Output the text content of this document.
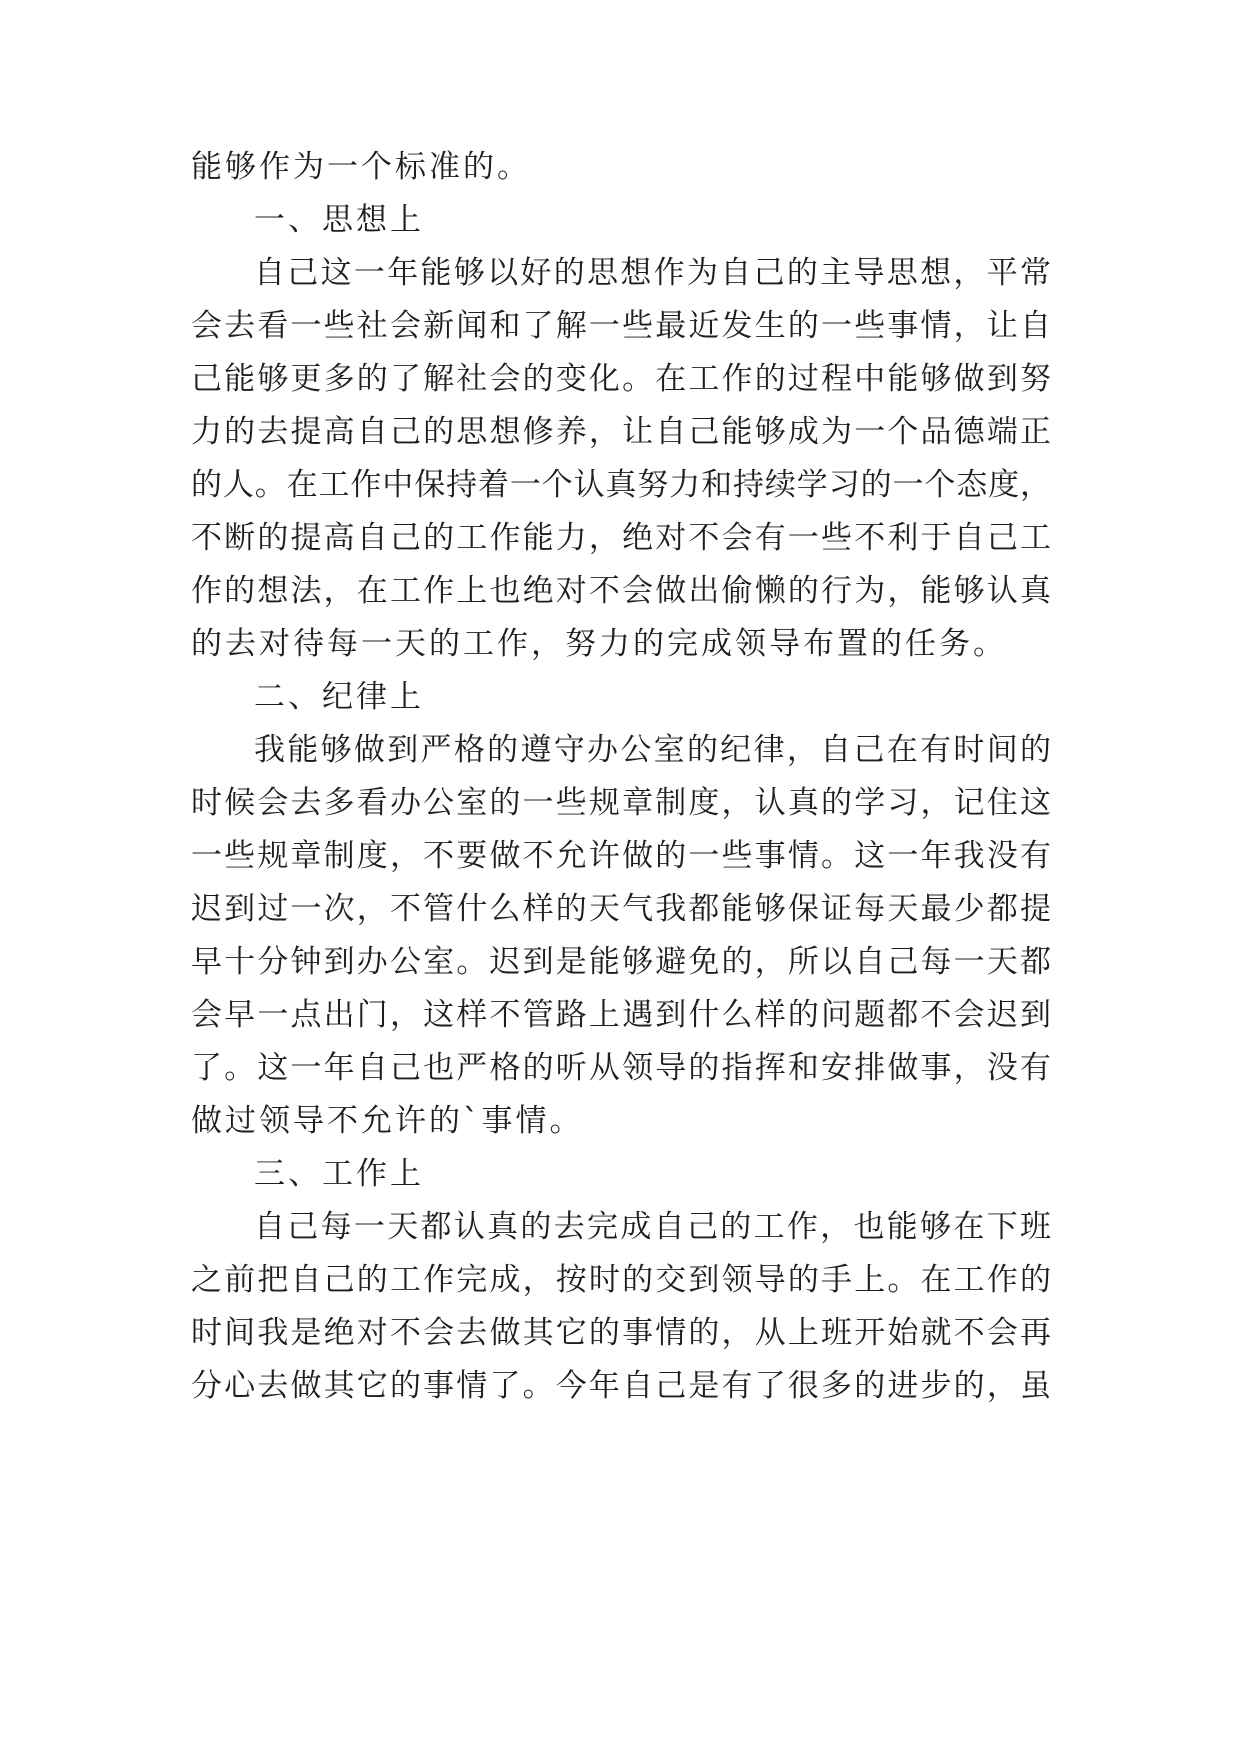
能够作为一个标准的。
一、思想上
自己这一年能够以好的思想作为自己的主导思想，平常
会去看一些社会新闻和了解一些最近发生的一些事情，让自
己能够更多的了解社会的变化。在工作的过程中能够做到努
力的去提高自己的思想修养，让自己能够成为一个品德端正
的人。在工作中保持着一个认真努力和持续学习的一个态度，
不断的提高自己的工作能力，绝对不会有一些不利于自己工
作的想法，在工作上也绝对不会做出偷懒的行为，能够认真
的去对待每一天的工作，努力的完成领导布置的任务。
二、纪律上
我能够做到严格的遵守办公室的纪律，自己在有时间的
时候会去多看办公室的一些规章制度，认真的学习，记住这
一些规章制度，不要做不允许做的一些事情。这一年我没有
迟到过一次，不管什么样的天气我都能够保证每天最少都提
早十分钟到办公室。迟到是能够避免的，所以自己每一天都
会早一点出门，这样不管路上遇到什么样的问题都不会迟到
了。这一年自己也严格的听从领导的指挥和安排做事，没有
做过领导不允许的`事情。
三、工作上
自己每一天都认真的去完成自己的工作，也能够在下班
之前把自己的工作完成，按时的交到领导的手上。在工作的
时间我是绝对不会去做其它的事情的，从上班开始就不会再
分心去做其它的事情了。今年自己是有了很多的进步的，虽
